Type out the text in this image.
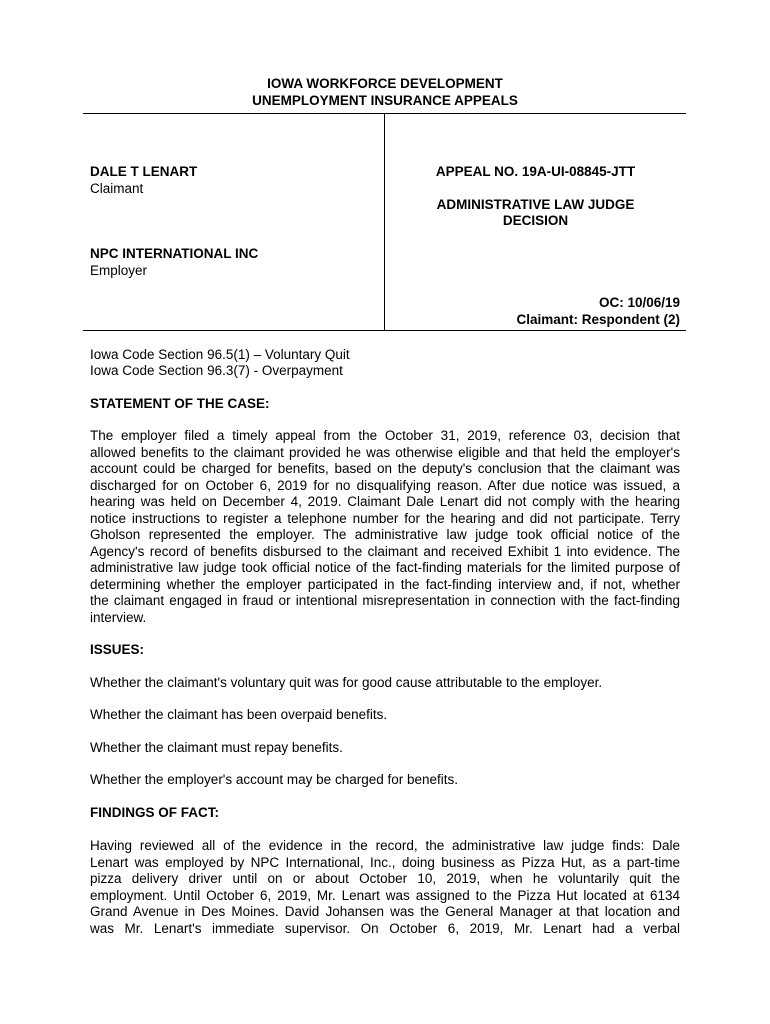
IOWA WORKFORCE DEVELOPMENT
UNEMPLOYMENT INSURANCE APPEALS
DALE T LENART
Claimant
NPC INTERNATIONAL INC
Employer
APPEAL NO. 19A-UI-08845-JTT
ADMINISTRATIVE LAW JUDGE
DECISION
OC: 10/06/19
Claimant: Respondent (2)
Iowa Code Section 96.5(1) – Voluntary Quit
Iowa Code Section 96.3(7) - Overpayment
STATEMENT OF THE CASE:
The employer filed a timely appeal from the October 31, 2019, reference 03, decision that
allowed benefits to the claimant provided he was otherwise eligible and that held the employer's
account could be charged for benefits, based on the deputy's conclusion that the claimant was
discharged for on October 6, 2019 for no disqualifying reason. After due notice was issued, a
hearing was held on December 4, 2019. Claimant Dale Lenart did not comply with the hearing
notice instructions to register a telephone number for the hearing and did not participate. Terry
Gholson represented the employer. The administrative law judge took official notice of the
Agency's record of benefits disbursed to the claimant and received Exhibit 1 into evidence. The
administrative law judge took official notice of the fact-finding materials for the limited purpose of
determining whether the employer participated in the fact-finding interview and, if not, whether
the claimant engaged in fraud or intentional misrepresentation in connection with the fact-finding
interview.
ISSUES:
Whether the claimant's voluntary quit was for good cause attributable to the employer.
Whether the claimant has been overpaid benefits.
Whether the claimant must repay benefits.
Whether the employer's account may be charged for benefits.
FINDINGS OF FACT:
Having reviewed all of the evidence in the record, the administrative law judge finds: Dale
Lenart was employed by NPC International, Inc., doing business as Pizza Hut, as a part-time
pizza delivery driver until on or about October 10, 2019, when he voluntarily quit the
employment. Until October 6, 2019, Mr. Lenart was assigned to the Pizza Hut located at 6134
Grand Avenue in Des Moines. David Johansen was the General Manager at that location and
was Mr. Lenart's immediate supervisor. On October 6, 2019, Mr. Lenart had a verbal
